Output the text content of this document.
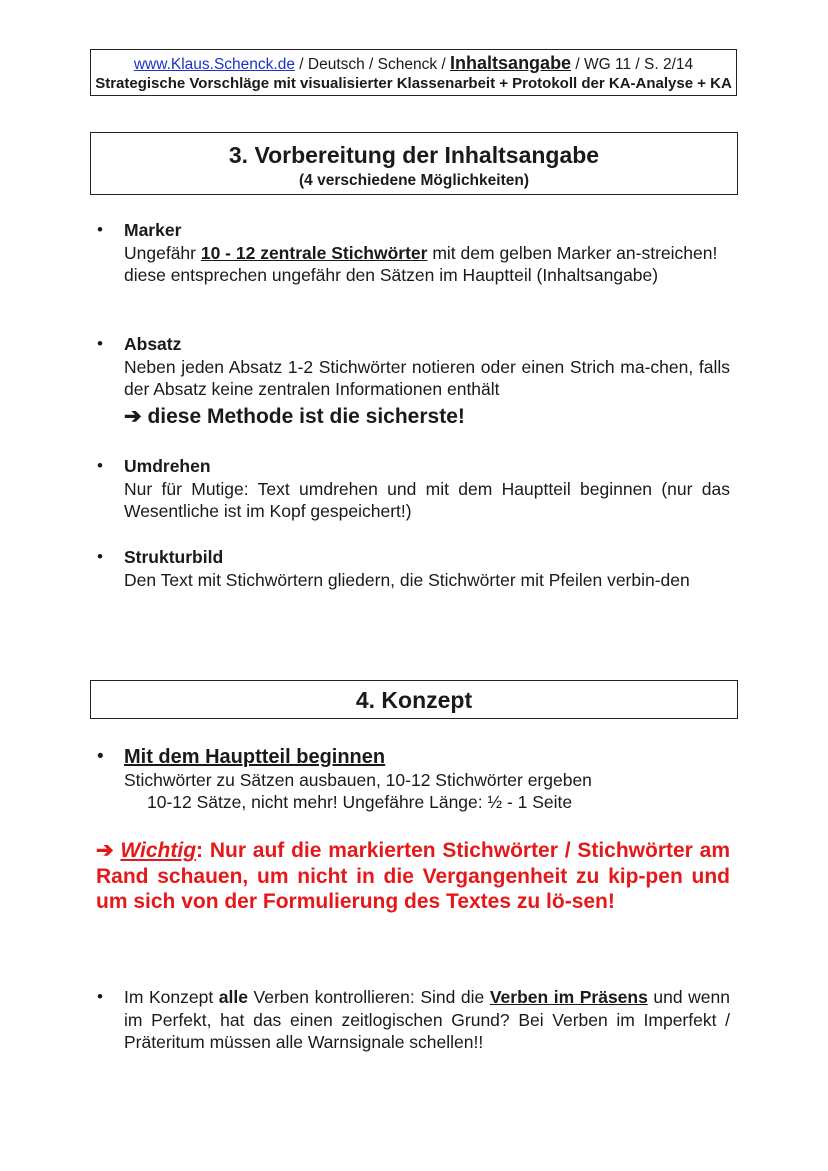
www.Klaus.Schenck.de / Deutsch / Schenck / Inhaltsangabe / WG 11 / S. 2/14
Strategische Vorschläge mit visualisierter Klassenarbeit + Protokoll der KA-Analyse + KA
3. Vorbereitung der Inhaltsangabe
(4 verschiedene Möglichkeiten)
• Marker
Ungefähr 10 - 12 zentrale Stichwörter mit dem gelben Marker an-streichen!
diese entsprechen ungefähr den Sätzen im Hauptteil (Inhaltsangabe)
• Absatz
Neben jeden Absatz 1-2 Stichwörter notieren oder einen Strich ma-chen, falls der Absatz keine zentralen Informationen enthält
➔ diese Methode ist die sicherste!
• Umdrehen
Nur für Mutige: Text umdrehen und mit dem Hauptteil beginnen (nur das Wesentliche ist im Kopf gespeichert!)
• Strukturbild
Den Text mit Stichwörtern gliedern, die Stichwörter mit Pfeilen verbin-den
4. Konzept
• Mit dem Hauptteil beginnen
Stichwörter zu Sätzen ausbauen, 10-12 Stichwörter ergeben

10-12 Sätze, nicht mehr! Ungefähre Länge: ½ - 1 Seite
➔ Wichtig: Nur auf die markierten Stichwörter / Stichwörter am Rand schauen, um nicht in die Vergangenheit zu kip-pen und um sich von der Formulierung des Textes zu lö-sen!
• Im Konzept alle Verben kontrollieren: Sind die Verben im Präsens und wenn im Perfekt, hat das einen zeitlogischen Grund? Bei Verben im Imperfekt / Präteritum müssen alle Warnsignale schellen!!
